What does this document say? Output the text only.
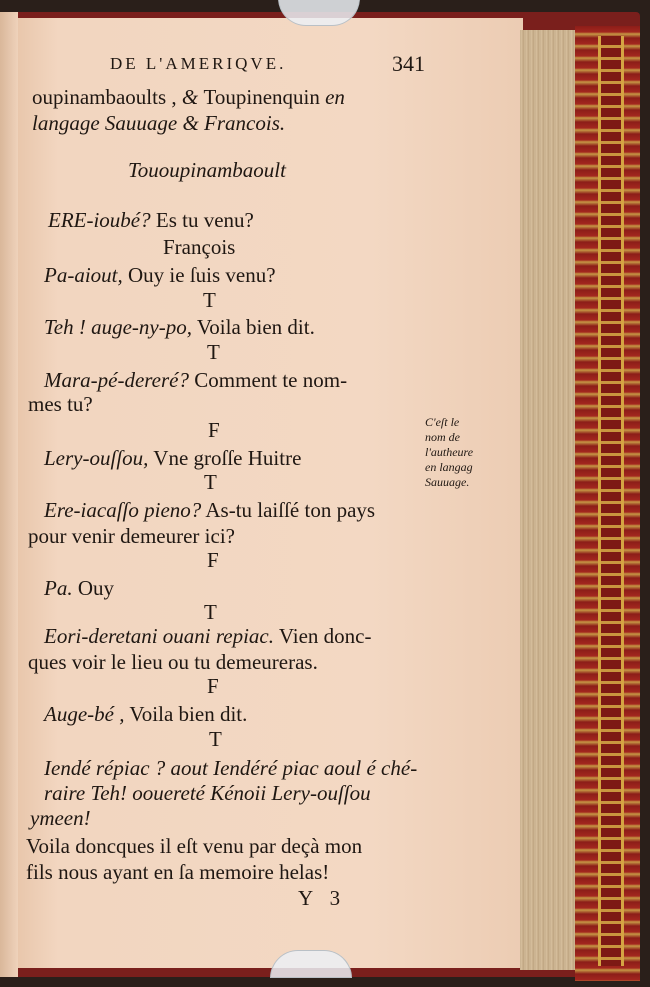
DE L'AMERIQVE.	341
oupinambaoults , & Toupinenquin en
langage Sauuage & Francois.
Tououpinambaoult
ERE-ioubé? Es tu venu?
François
Pa-aiout, Ouy ie ſuis venu?
T
Teh ! auge-ny-po, Voila bien dit.
T
Mara-pé-dereré? Comment te nom-
mes tu?
F
Lery-ouſſou, Vne groſſe Huitre
T
Ere-iacaſſo pieno? As-tu laiſſé ton pays
pour venir demeurer ici?
F
Pa. Ouy
T
Eori-deretani ouani repiac. Vien donc-
ques voir le lieu ou tu demeureras.
F
Auge-bé , Voila bien dit.
T
Iendé répiac ? aout Iendéré piac aoul é ché-
raire Teh! oouereté Kénoii Lery-ouſſou
ymeen!
Voila doncques il eſt venu par deçà mon
fils nous ayant en ſa memoire helas!
C'eſt le
nom de
l'autheure
en langag
Sauuage.
Y 3
